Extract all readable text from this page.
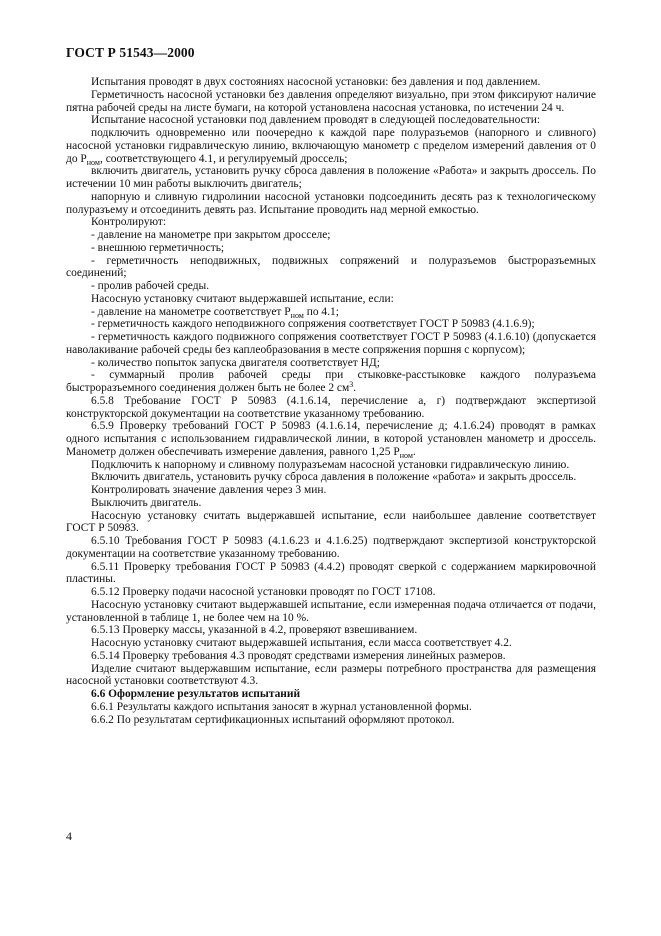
ГОСТ Р 51543—2000

Испытания проводят в двух состояниях насосной установки: без давления и под давлением.

Герметичность насосной установки без давления определяют визуально, при этом фиксируют наличие пятна рабочей среды на листе бумаги, на которой установлена насосная установка, по истечении 24 ч.

Испытание насосной установки под давлением проводят в следующей последовательности:

подключить одновременно или поочередно к каждой паре полуразъемов (напорного и сливного) насосной установки гидравлическую линию, включающую манометр с пределом измерений давления от 0 до $P_{ном}$, соответствующего 4.1, и регулируемый дроссель;

включить двигатель, установить ручку сброса давления в положение «Работа» и закрыть дроссель. По истечении 10 мин работы выключить двигатель;

напорную и сливную гидролинии насосной установки подсоединить десять раз к технологическому полуразъему и отсоединить девять раз. Испытание проводить над мерной емкостью.

Контролируют:

- давление на манометре при закрытом дросселе;

- внешнюю герметичность;

- герметичность неподвижных, подвижных сопряжений и полуразъемов быстроразъемных соединений;

- пролив рабочей среды.

Насосную установку считают выдержавшей испытание, если:

- давление на манометре соответствует $P_{ном}$ по 4.1;

- герметичность каждого неподвижного сопряжения соответствует ГОСТ Р 50983 (4.1.6.9);

- герметичность каждого подвижного сопряжения соответствует ГОСТ Р 50983 (4.1.6.10) (допускается наволакивание рабочей среды без каплеобразования в месте сопряжения поршня с корпусом);

- количество попыток запуска двигателя соответствует НД;

- суммарный пролив рабочей среды при стыковке-расстыковке каждого полуразъема быстроразъемного соединения должен быть не более 2 $см^3$.

6.5.8 Требование ГОСТ Р 50983 (4.1.6.14, перечисление а, г) подтверждают экспертизой конструкторской документации на соответствие указанному требованию.

6.5.9 Проверку требований ГОСТ Р 50983 (4.1.6.14, перечисление д; 4.1.6.24) проводят в рамках одного испытания с использованием гидравлической линии, в которой установлен манометр и дроссель. Манометр должен обеспечивать измерение давления, равного 1,25 $P_{ном}$.

Подключить к напорному и сливному полуразъемам насосной установки гидравлическую линию.

Включить двигатель, установить ручку сброса давления в положение «работа» и закрыть дроссель.

Контролировать значение давления через 3 мин.

Выключить двигатель.

Насосную установку считать выдержавшей испытание, если наибольшее давление соответствует ГОСТ Р 50983.

6.5.10 Требования ГОСТ Р 50983 (4.1.6.23 и 4.1.6.25) подтверждают экспертизой конструкторской документации на соответствие указанному требованию.

6.5.11 Проверку требования ГОСТ Р 50983 (4.4.2) проводят сверкой с содержанием маркировочной пластины.

6.5.12 Проверку подачи насосной установки проводят по ГОСТ 17108.

Насосную установку считают выдержавшей испытание, если измеренная подача отличается от подачи, установленной в таблице 1, не более чем на 10 %.

6.5.13 Проверку массы, указанной в 4.2, проверяют взвешиванием.

Насосную установку считают выдержавшей испытания, если масса соответствует 4.2.

6.5.14 Проверку требования 4.3 проводят средствами измерения линейных размеров.

Изделие считают выдержавшим испытание, если размеры потребного пространства для размещения насосной установки соответствуют 4.3.

6.6 Оформление результатов испытаний

6.6.1 Результаты каждого испытания заносят в журнал установленной формы.

6.6.2 По результатам сертификационных испытаний оформляют протокол.

4
